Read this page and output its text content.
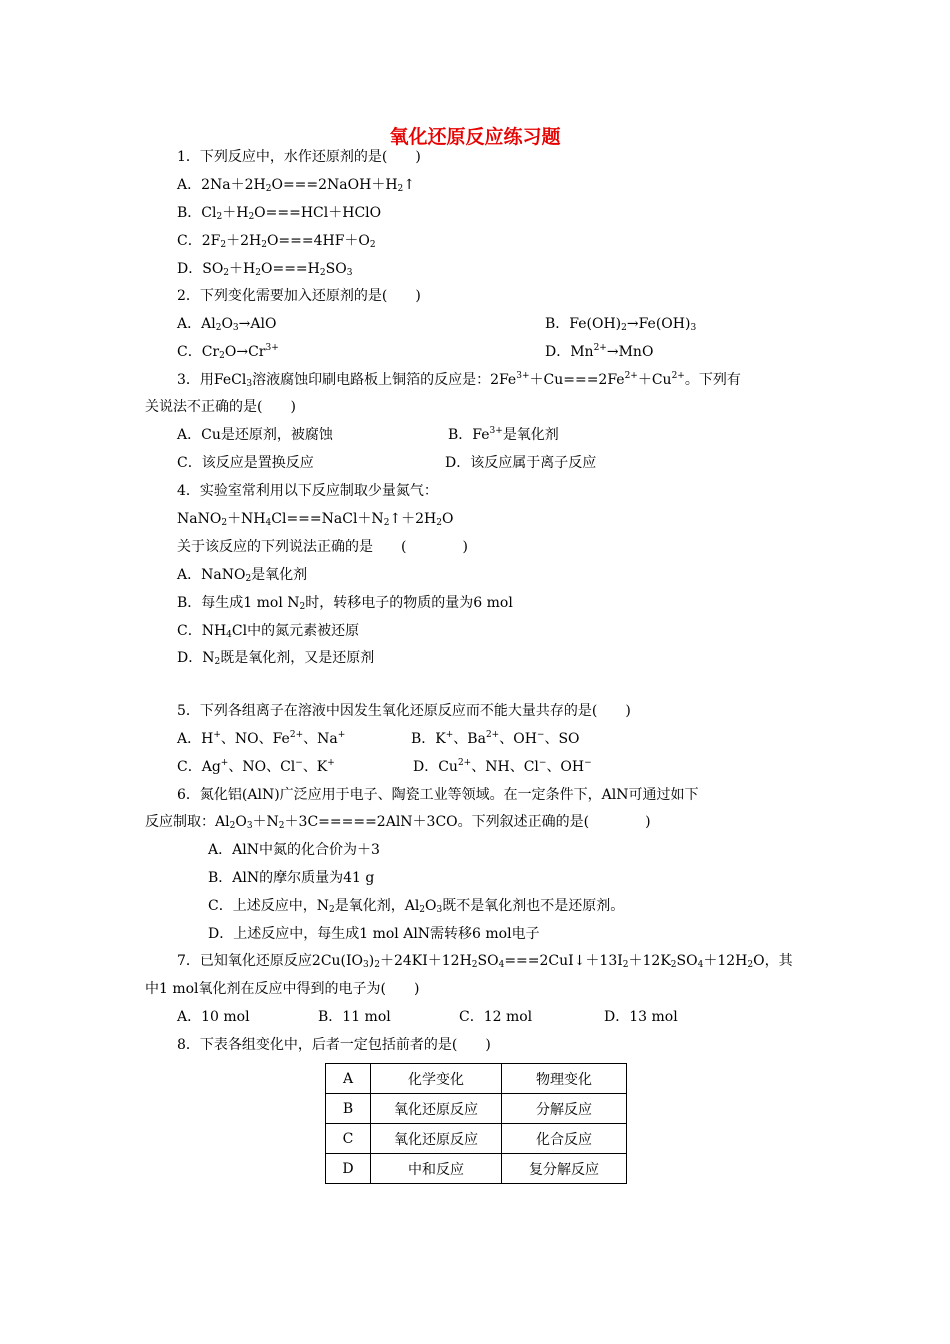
氧化还原反应练习题
1．下列反应中，水作还原剂的是(　　)
A．$2Na+2H_2O===2NaOH+H_2↑$
B．$Cl_2+H_2O===HCl+HClO$
C．$2F_2+2H_2O===4HF+O_2$
D．$SO_2+H_2O===H_2SO_3$
2．下列变化需要加入还原剂的是(　　)
A．$Al_2O_3\to AlO$	B．$Fe(OH)_2\to Fe(OH)_3$
C．$Cr_2O\to Cr^{3+}$	D．$Mn^{2+}\to MnO$
3．用FeCl$_3$溶液腐蚀印刷电路板上铜箔的反应是：$2Fe^{3+}+Cu===2Fe^{2+}+Cu^{2+}$。下列有
关说法不正确的是(　　)
A．Cu是还原剂，被腐蚀	B．$Fe^{3+}$是氧化剂
C．该反应是置换反应	D．该反应属于离子反应
4．实验室常利用以下反应制取少量氮气：
$NaNO_2+NH_4Cl===NaCl+N_2↑+2H_2O$
关于该反应的下列说法正确的是　　(　　　　)
A．NaNO$_2$是氧化剂
B．每生成1 mol $N_2$时，转移电子的物质的量为6 mol
C．$NH_4Cl$中的氮元素被还原
D．$N_2$既是氧化剂，又是还原剂
5．下列各组离子在溶液中因发生氧化还原反应而不能大量共存的是(　　)
A．H+、NO、$Fe^{2+}$、Na+	B．K+、$Ba^{2+}$、OH−、SO
C．Ag+、NO、Cl−、K+	D．$Cu^{2+}$、NH、Cl−、OH−
6．氮化铝(AlN)广泛应用于电子、陶瓷工业等领域。在一定条件下，AlN可通过如下
反应制取：$Al_2O_3+N_2+3C=====2AlN+3CO$。下列叙述正确的是(　　　　)
A．AlN中氮的化合价为＋3
B．AlN的摩尔质量为41 g
C．上述反应中，$N_2$是氧化剂，$Al_2O_3$既不是氧化剂也不是还原剂。
D．上述反应中，每生成1 mol AlN需转移6 mol电子
7．已知氧化还原反应$2Cu(IO_3)_2+24KI+12H_2SO_4===2CuI↓+13I_2+12K_2SO_4+12H_2O$，其
中1 mol氧化剂在反应中得到的电子为(　　)
A．10 mol	B．11 mol	C．12 mol	D．13 mol
8．下表各组变化中，后者一定包括前者的是(　　)
A	化学变化	物理变化
B	氧化还原反应	分解反应
C	氧化还原反应	化合反应
D	中和反应	复分解反应
